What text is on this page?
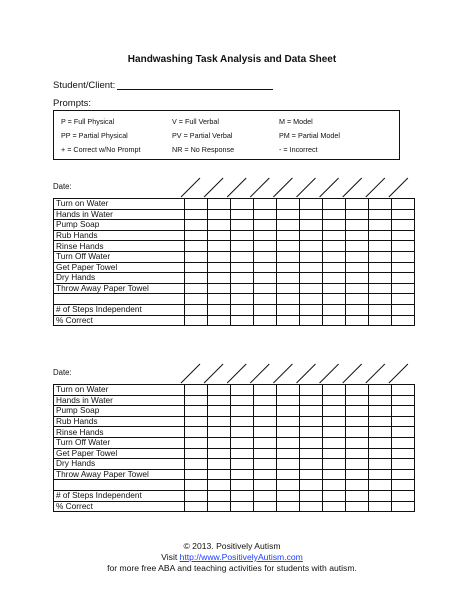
Handwashing Task Analysis and Data Sheet
Student/Client:
Prompts:
P = Full Physical	V = Full Verbal	M = Model
PP = Partial Physical	PV = Partial Verbal	PM = Partial Model
+ = Correct w/No Prompt	NR = No Response	- = Incorrect
Date:
Turn on Water										
Hands in Water										
Pump Soap										
Rub Hands										
Rinse Hands										
Turn Off Water										
Get Paper Towel										
Dry Hands										
Throw Away Paper Towel										

# of Steps Independent										
% Correct										
Date:
Turn on Water										
Hands in Water										
Pump Soap										
Rub Hands										
Rinse Hands										
Turn Off Water										
Get Paper Towel										
Dry Hands										
Throw Away Paper Towel										

# of Steps Independent										
% Correct										
© 2013. Positively Autism
Visit http://www.PositivelyAutism.com
for more free ABA and teaching activities for students with autism.
